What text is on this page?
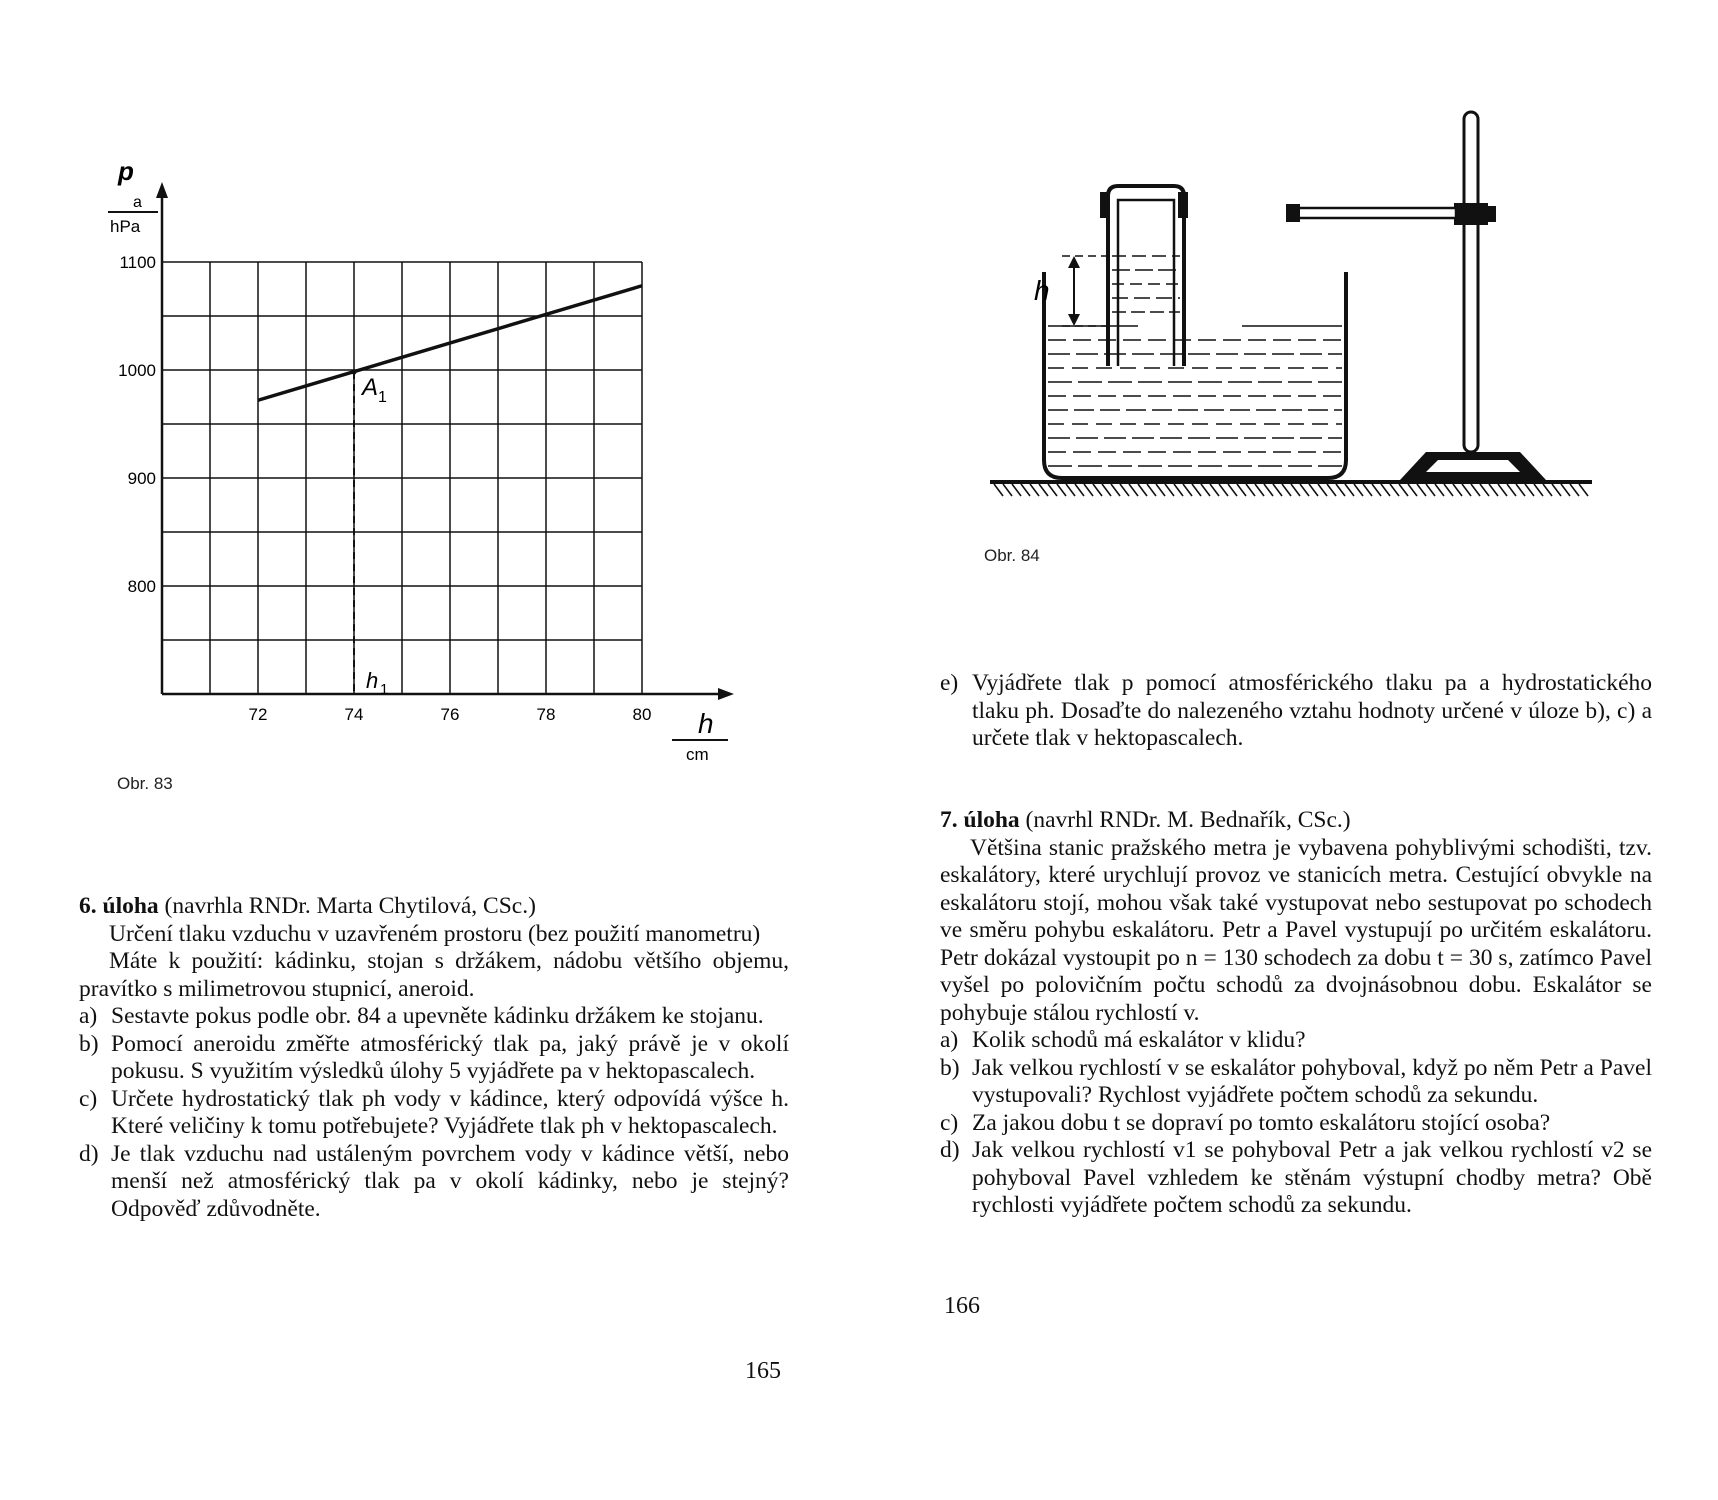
72	74	76	78	80
800
900
1000
1100
p
a
hPa
h
cm
A 1
h 1
Obr. 83

6. úloha (navrhla RNDr. Marta Chytilová, CSc.)

Určení tlaku vzduchu v uzavřeném prostoru (bez použití manometru)

Máte k použití: kádinku, stojan s držákem, nádobu většího objemu, pravítko s milimetrovou stupnicí, aneroid.

a) Sestavte pokus podle obr. 84 a upevněte kádinku držákem ke stojanu.
b) Pomocí aneroidu změřte atmosférický tlak pa, jaký právě je v okolí pokusu. S využitím výsledků úlohy 5 vyjádřete pa v hektopascalech.
c) Určete hydrostatický tlak ph vody v kádince, který odpovídá výšce h. Které veličiny k tomu potřebujete? Vyjádřete tlak ph v hektopascalech.
d) Je tlak vzduchu nad ustáleným povrchem vody v kádince větší, nebo menší než atmosférický tlak pa v okolí kádinky, nebo je stejný? Odpověď zdůvodněte.
165
h
Obr. 84
e) Vyjádřete tlak p pomocí atmosférického tlaku pa a hydrostatického tlaku ph. Dosaďte do nalezeného vztahu hodnoty určené v úloze b), c) a určete tlak v hektopascalech.

7. úloha (navrhl RNDr. M. Bednařík, CSc.)

Většina stanic pražského metra je vybavena pohyblivými schodišti, tzv. eskalátory, které urychlují provoz ve stanicích metra. Cestující obvykle na eskalátoru stojí, mohou však také vystupovat nebo sestupovat po schodech ve směru pohybu eskalátoru. Petr a Pavel vystupují po určitém eskalátoru. Petr dokázal vystoupit po n = 130 schodech za dobu t = 30 s, zatímco Pavel vyšel po polovičním počtu schodů za dvojnásobnou dobu. Eskalátor se pohybuje stálou rychlostí v.

a) Kolik schodů má eskalátor v klidu?
b) Jak velkou rychlostí v se eskalátor pohyboval, když po něm Petr a Pavel vystupovali? Rychlost vyjádřete počtem schodů za sekundu.
c) Za jakou dobu t se dopraví po tomto eskalátoru stojící osoba?
d) Jak velkou rychlostí v1 se pohyboval Petr a jak velkou rychlostí v2 se pohyboval Pavel vzhledem ke stěnám výstupní chodby metra? Obě rychlosti vyjádřete počtem schodů za sekundu.
166
